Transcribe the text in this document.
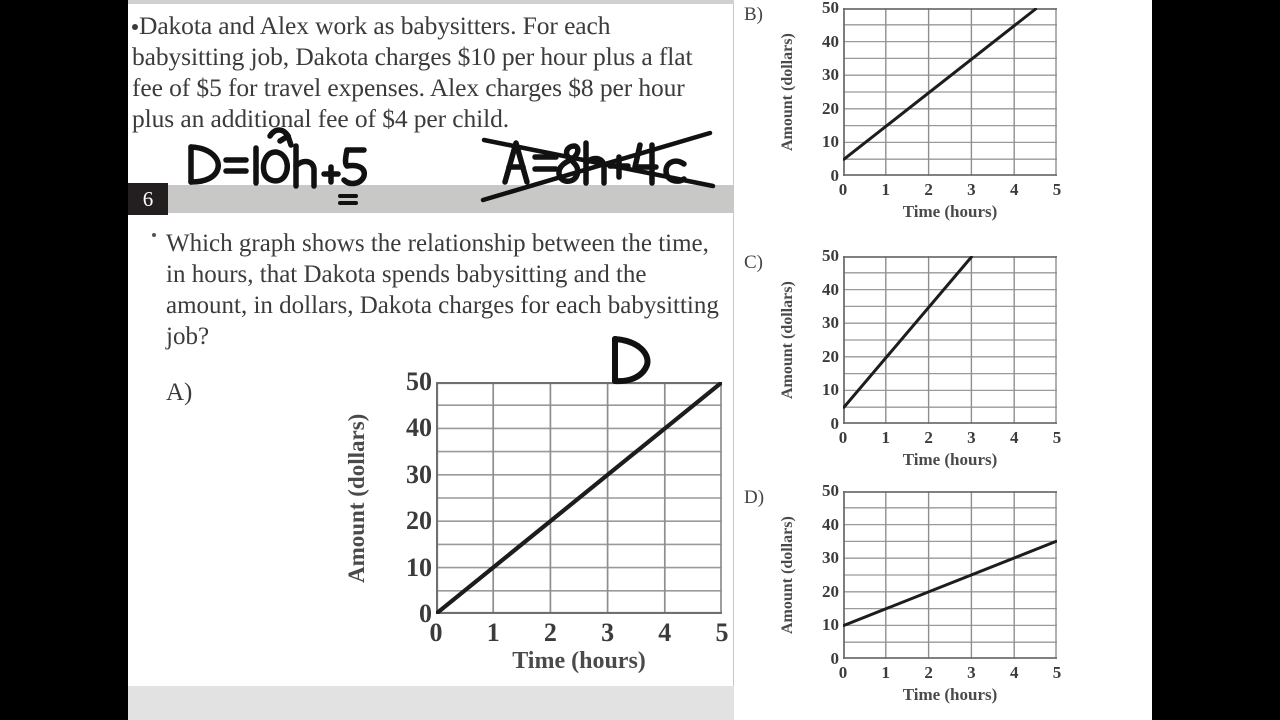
Dakota and Alex work as babysitters. For each babysitting job, Dakota charges $10 per hour plus a flat fee of $5 for travel expenses. Alex charges $8 per hour plus an additional fee of $4 per child.
6
Which graph shows the relationship between the time, in hours, that Dakota spends babysitting and the amount, in dollars, Dakota charges for each babysitting job?
A)
Amount (dollars)
50
40
30
20
10
0
0 1 2 3 4 5
Time (hours)
B)
Amount (dollars)
50
40
30
20
10
0
0 1 2 3 4 5
Time (hours)
C)
Amount (dollars)
50
40
30
20
10
0
0 1 2 3 4 5
Time (hours)
D)
Amount (dollars)
50
40
30
20
10
0
0 1 2 3 4 5
Time (hours)
